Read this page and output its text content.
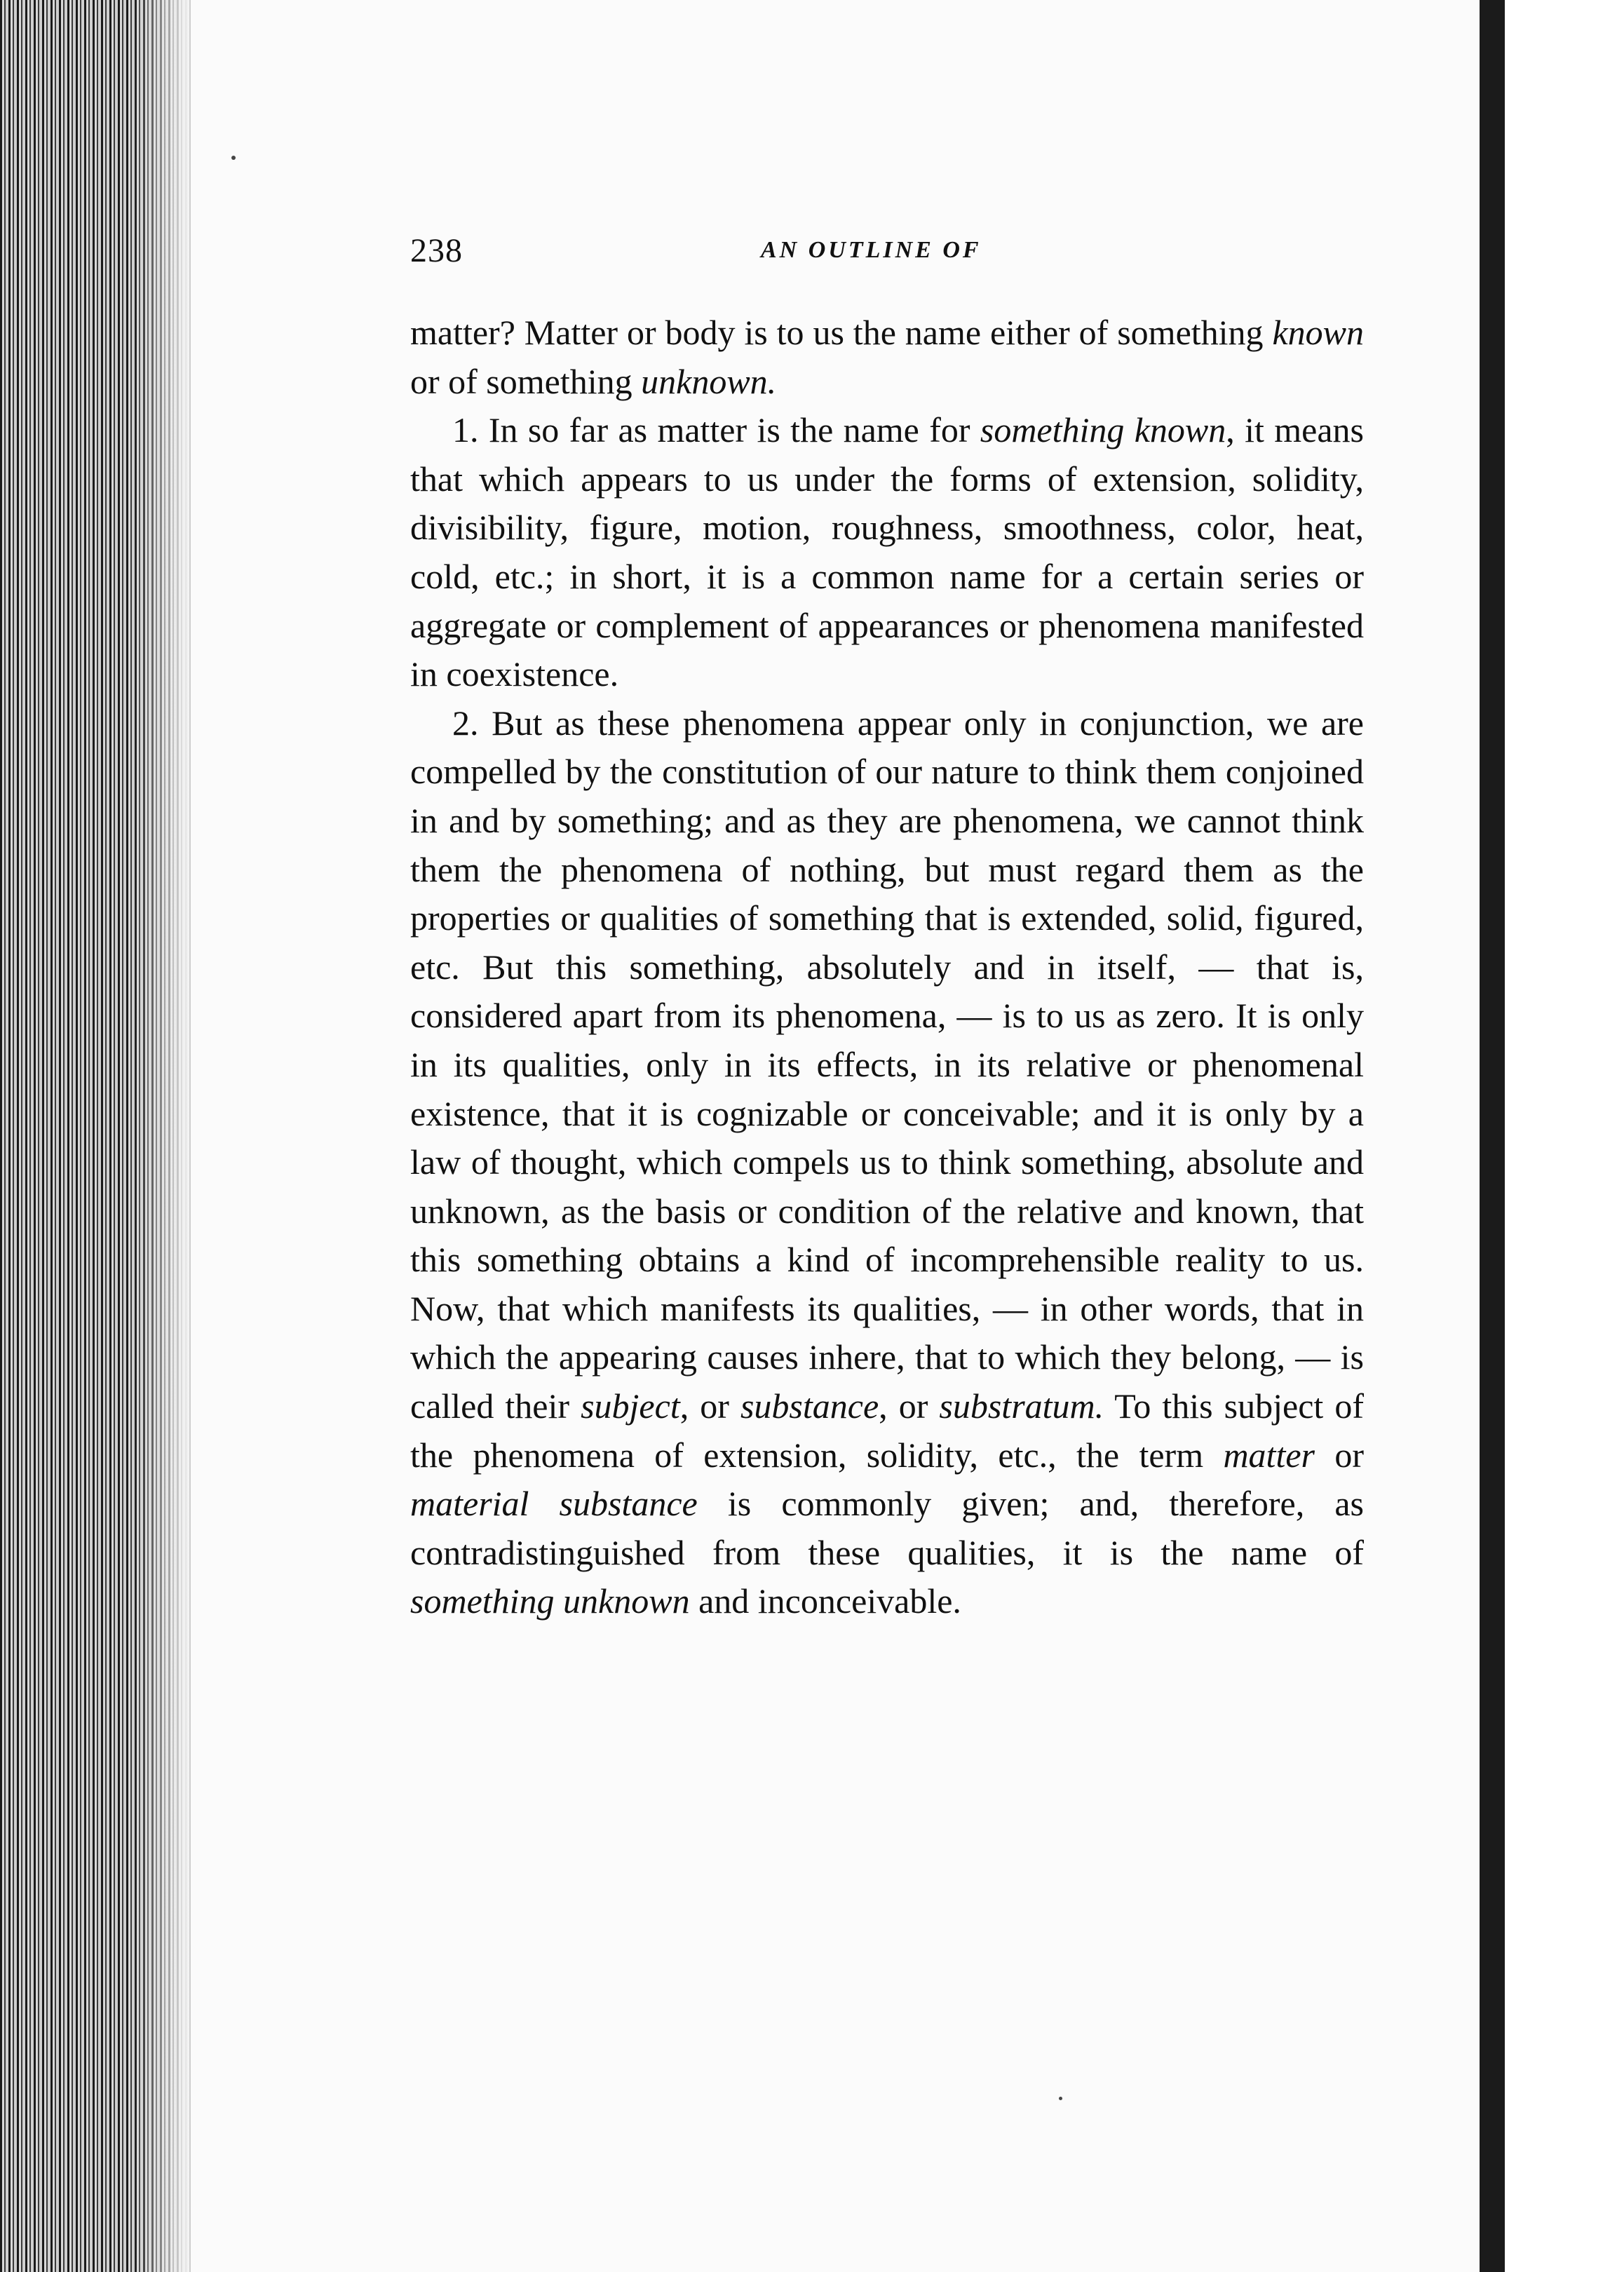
238	AN OUTLINE OF

matter? Matter or body is to us the name either of something known or of something unknown.

1. In so far as matter is the name for something known, it means that which appears to us under the forms of extension, solidity, divisibility, figure, motion, roughness, smoothness, color, heat, cold, etc.; in short, it is a common name for a certain series or aggregate or complement of appearances or phenomena manifested in coexistence.

2. But as these phenomena appear only in conjunction, we are compelled by the constitution of our nature to think them conjoined in and by something; and as they are phenomena, we cannot think them the phenomena of nothing, but must regard them as the properties or qualities of something that is extended, solid, figured, etc. But this something, absolutely and in itself, — that is, considered apart from its phenomena, — is to us as zero. It is only in its qualities, only in its effects, in its relative or phenomenal existence, that it is cognizable or conceivable; and it is only by a law of thought, which compels us to think something, absolute and unknown, as the basis or condition of the relative and known, that this something obtains a kind of incomprehensible reality to us. Now, that which manifests its qualities, — in other words, that in which the appearing causes inhere, that to which they belong, — is called their subject, or substance, or substratum. To this subject of the phenomena of extension, solidity, etc., the term matter or material substance is commonly given; and, therefore, as contradistinguished from these qualities, it is the name of something unknown and inconceivable.
